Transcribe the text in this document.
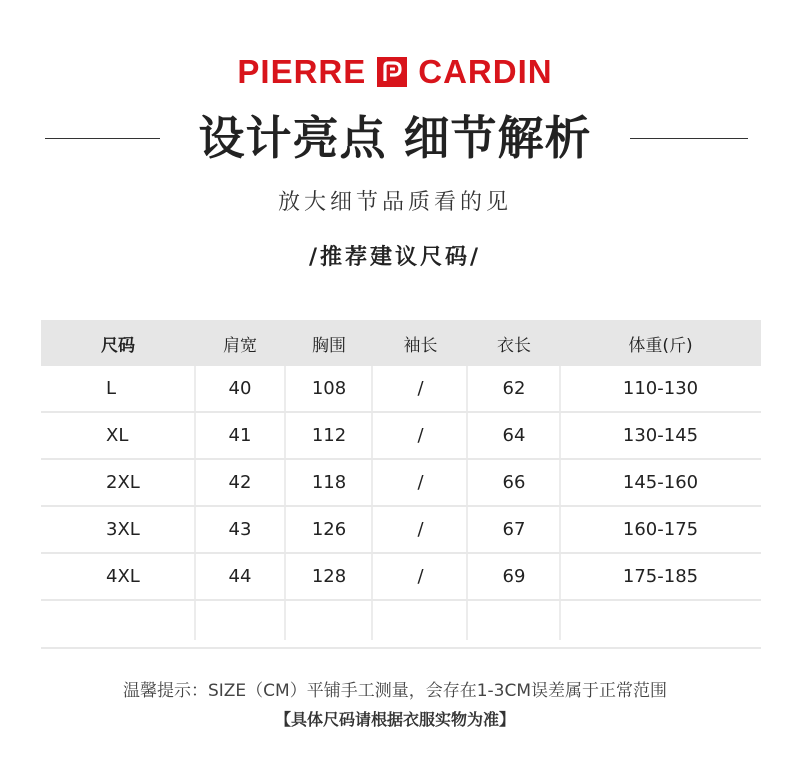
PIERRE CARDIN
设计亮点 细节解析
放大细节品质看的见
/推荐建议尺码/
尺码	肩宽	胸围	袖长	衣长	体重(斤)
L	40	108	/	62	110-130
XL	41	112	/	64	130-145
2XL	42	118	/	66	145-160
3XL	43	126	/	67	160-175
4XL	44	128	/	69	175-185
温馨提示：SIZE（CM）平铺手工测量，会存在1-3CM误差属于正常范围
【具体尺码请根据衣服实物为准】
